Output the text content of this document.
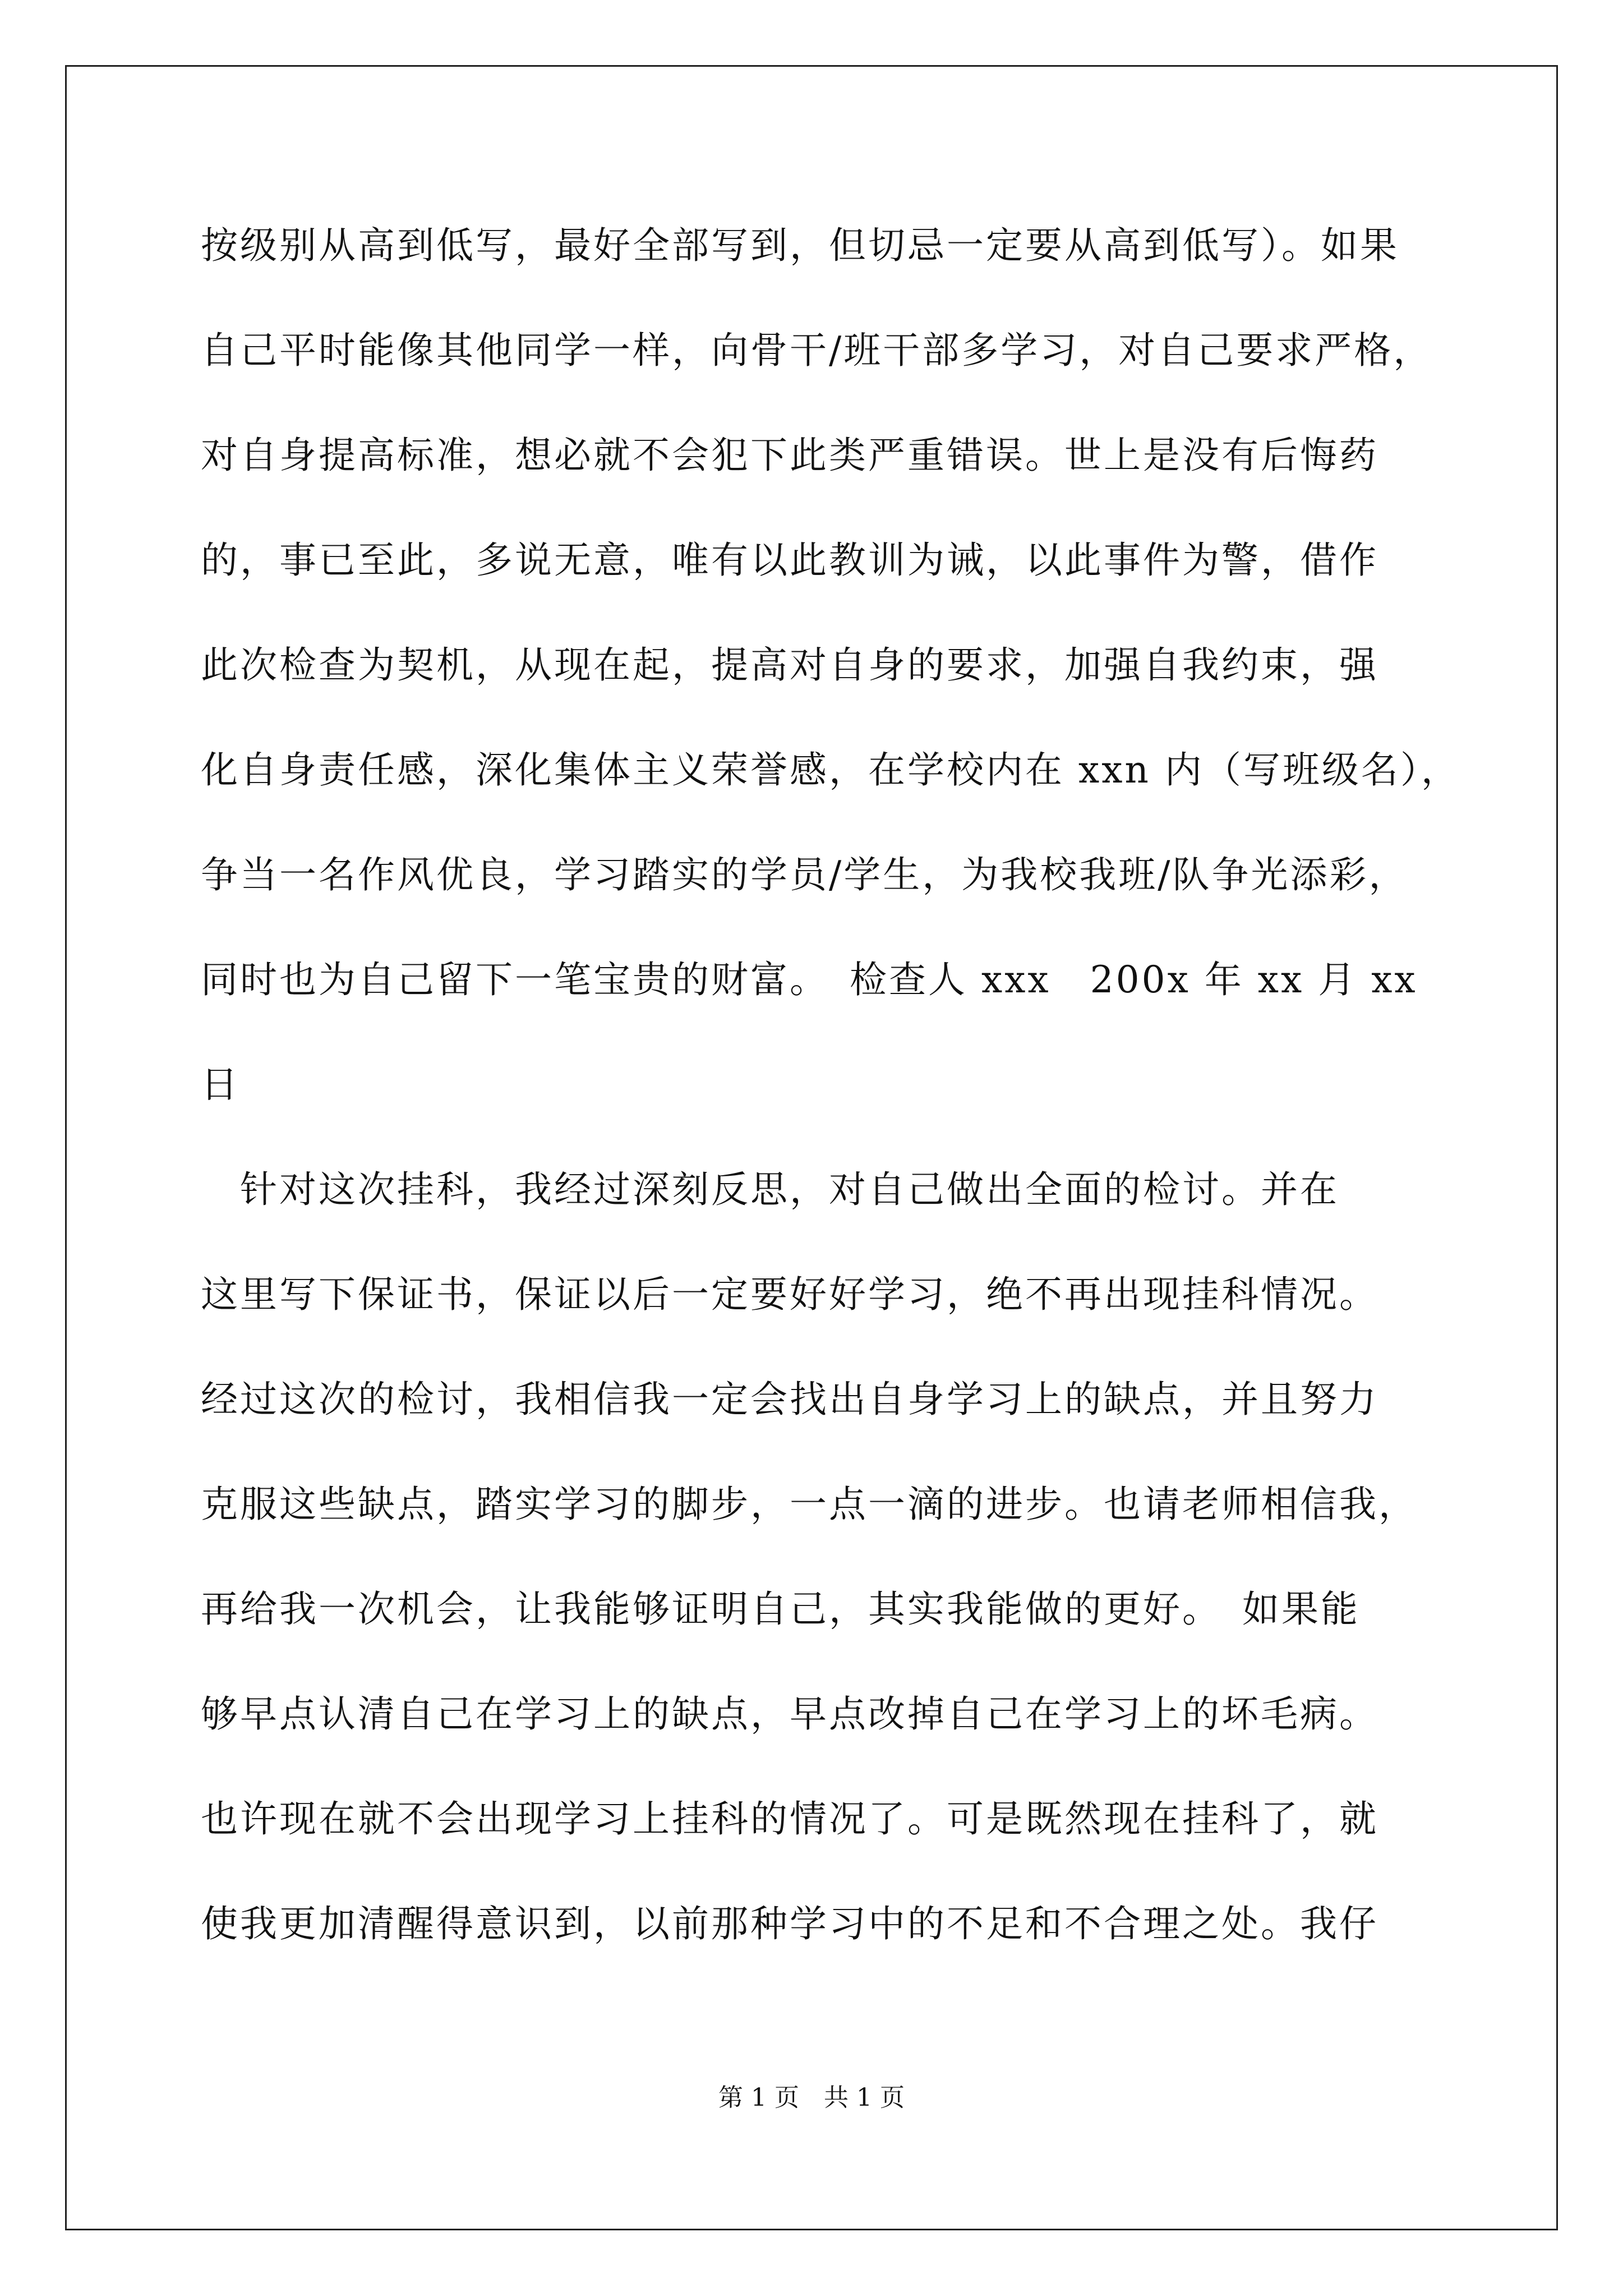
按级别从高到低写，最好全部写到，但切忌一定要从高到低写）。如果
自己平时能像其他同学一样，向骨干/班干部多学习，对自己要求严格，
对自身提高标准，想必就不会犯下此类严重错误。世上是没有后悔药
的，事已至此，多说无意，唯有以此教训为诫，以此事件为警，借作
此次检查为契机，从现在起，提高对自身的要求，加强自我约束，强
化自身责任感，深化集体主义荣誉感，在学校内在 xxn 内（写班级名），
争当一名作风优良，学习踏实的学员/学生，为我校我班/队争光添彩，
同时也为自己留下一笔宝贵的财富。　检查人 xxx　200x 年 xx 月 xx
日
　针对这次挂科，我经过深刻反思，对自己做出全面的检讨。并在
这里写下保证书，保证以后一定要好好学习，绝不再出现挂科情况。
经过这次的检讨，我相信我一定会找出自身学习上的缺点，并且努力
克服这些缺点，踏实学习的脚步，一点一滴的进步。也请老师相信我，
再给我一次机会，让我能够证明自己，其实我能做的更好。　如果能
够早点认清自己在学习上的缺点，早点改掉自己在学习上的坏毛病。
也许现在就不会出现学习上挂科的情况了。可是既然现在挂科了，就
使我更加清醒得意识到，以前那种学习中的不足和不合理之处。我仔
第 1 页　共 1 页
